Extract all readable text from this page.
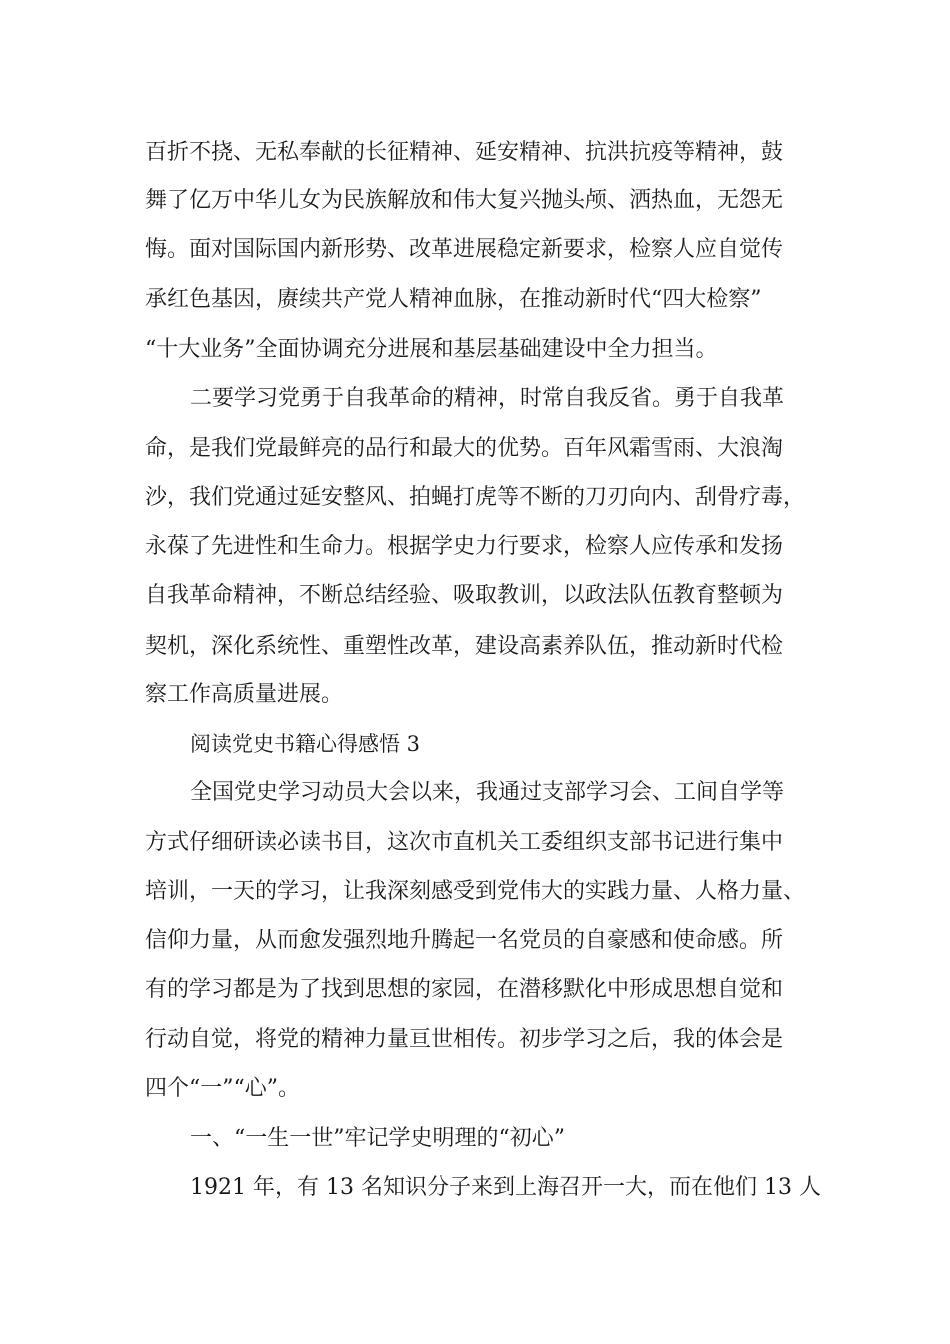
百折不挠、无私奉献的长征精神、延安精神、抗洪抗疫等精神，鼓
舞了亿万中华儿女为民族解放和伟大复兴抛头颅、洒热血，无怨无
悔。面对国际国内新形势、改革进展稳定新要求，检察人应自觉传
承红色基因，赓续共产党人精神血脉，在推动新时代“四大检察”
“十大业务”全面协调充分进展和基层基础建设中全力担当。
二要学习党勇于自我革命的精神，时常自我反省。勇于自我革
命，是我们党最鲜亮的品行和最大的优势。百年风霜雪雨、大浪淘
沙，我们党通过延安整风、拍蝇打虎等不断的刀刃向内、刮骨疗毒，
永葆了先进性和生命力。根据学史力行要求，检察人应传承和发扬
自我革命精神，不断总结经验、吸取教训，以政法队伍教育整顿为
契机，深化系统性、重塑性改革，建设高素养队伍，推动新时代检
察工作高质量进展。
阅读党史书籍心得感悟 3
全国党史学习动员大会以来，我通过支部学习会、工间自学等
方式仔细研读必读书目，这次市直机关工委组织支部书记进行集中
培训，一天的学习，让我深刻感受到党伟大的实践力量、人格力量、
信仰力量，从而愈发强烈地升腾起一名党员的自豪感和使命感。所
有的学习都是为了找到思想的家园，在潜移默化中形成思想自觉和
行动自觉，将党的精神力量亘世相传。初步学习之后，我的体会是
四个“一”“心”。
一、“一生一世”牢记学史明理的“初心”
1921 年，有 13 名知识分子来到上海召开一大，而在他们 13 人
